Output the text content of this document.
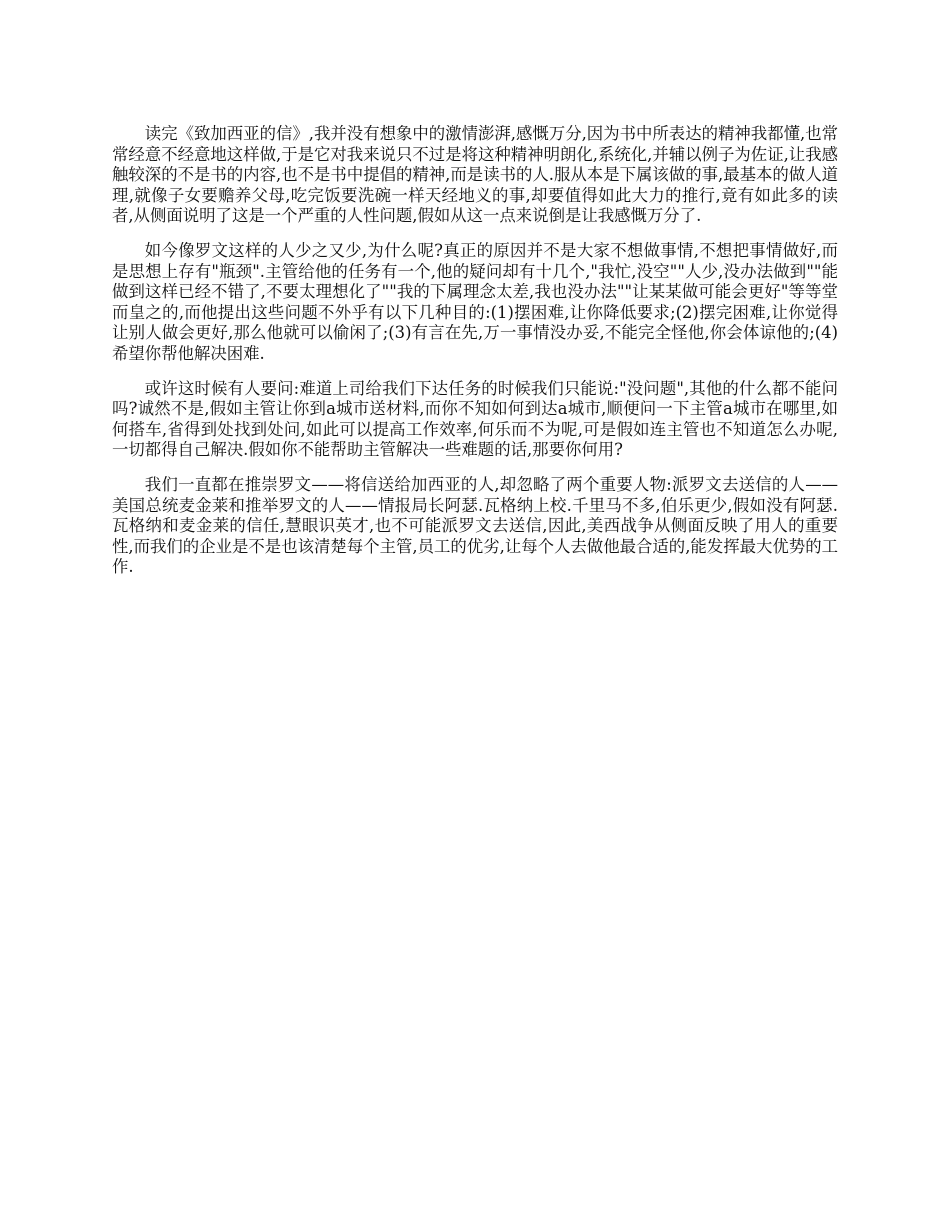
读完《致加西亚的信》,我并没有想象中的激情澎湃,感慨万分,因为书中所表达的精神我都懂,也常常经意不经意地这样做,于是它对我来说只不过是将这种精神明朗化,系统化,并辅以例子为佐证,让我感触较深的不是书的内容,也不是书中提倡的精神,而是读书的人.服从本是下属该做的事,最基本的做人道理,就像子女要赡养父母,吃完饭要洗碗一样天经地义的事,却要值得如此大力的推行,竟有如此多的读者,从侧面说明了这是一个严重的人性问题,假如从这一点来说倒是让我感慨万分了.

如今像罗文这样的人少之又少,为什么呢?真正的原因并不是大家不想做事情,不想把事情做好,而是思想上存有"瓶颈".主管给他的任务有一个,他的疑问却有十几个,"我忙,没空""人少,没办法做到""能做到这样已经不错了,不要太理想化了""我的下属理念太差,我也没办法""让某某做可能会更好"等等堂而皇之的,而他提出这些问题不外乎有以下几种目的:(1)摆困难,让你降低要求;(2)摆完困难,让你觉得让别人做会更好,那么他就可以偷闲了;(3)有言在先,万一事情没办妥,不能完全怪他,你会体谅他的;(4)希望你帮他解决困难.

或许这时候有人要问:难道上司给我们下达任务的时候我们只能说:"没问题",其他的什么都不能问吗?诚然不是,假如主管让你到a城市送材料,而你不知如何到达a城市,顺便问一下主管a城市在哪里,如何搭车,省得到处找到处问,如此可以提高工作效率,何乐而不为呢,可是假如连主管也不知道怎么办呢,一切都得自己解决.假如你不能帮助主管解决一些难题的话,那要你何用?

我们一直都在推崇罗文——将信送给加西亚的人,却忽略了两个重要人物:派罗文去送信的人——美国总统麦金莱和推举罗文的人——情报局长阿瑟.瓦格纳上校.千里马不多,伯乐更少,假如没有阿瑟.瓦格纳和麦金莱的信任,慧眼识英才,也不可能派罗文去送信,因此,美西战争从侧面反映了用人的重要性,而我们的企业是不是也该清楚每个主管,员工的优劣,让每个人去做他最合适的,能发挥最大优势的工作.
